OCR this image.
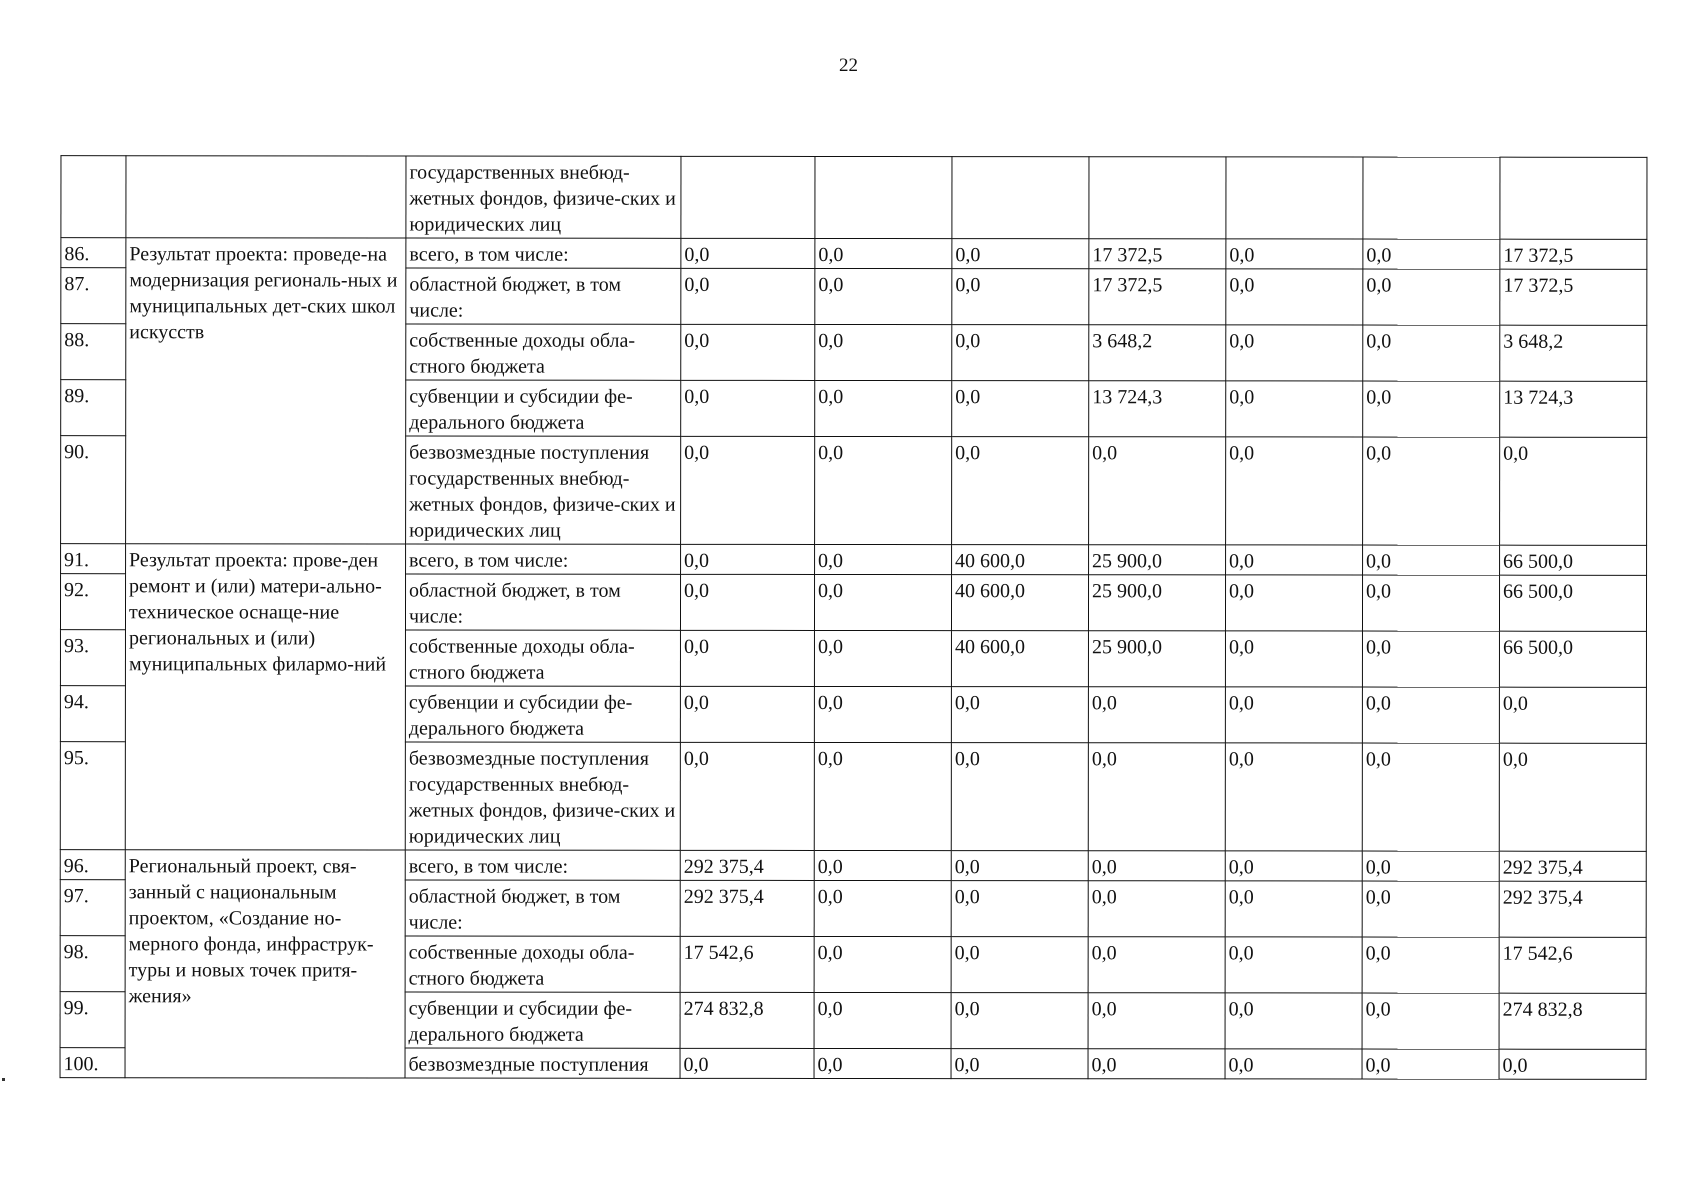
22
		государственных внебюд-жетных фондов, физиче-ских и юридических лиц							
86.	Результат проекта: проведе-на модернизация региональ-ных и муниципальных дет-ских школ искусств	всего, в том числе:	0,0	0,0	0,0	17 372,5	0,0	0,0	17 372,5
87.		областной бюджет, в том числе:	0,0	0,0	0,0	17 372,5	0,0	0,0	17 372,5
88.		собственные доходы обла-стного бюджета	0,0	0,0	0,0	3 648,2	0,0	0,0	3 648,2
89.		субвенции и субсидии фе-дерального бюджета	0,0	0,0	0,0	13 724,3	0,0	0,0	13 724,3
90.		безвозмездные поступления государственных внебюд-жетных фондов, физиче-ских и юридических лиц	0,0	0,0	0,0	0,0	0,0	0,0	0,0
91.	Результат проекта: прове-ден ремонт и (или) матери-ально-техническое оснаще-ние региональных и (или) муниципальных филармо-ний	всего, в том числе:	0,0	0,0	40 600,0	25 900,0	0,0	0,0	66 500,0
92.		областной бюджет, в том числе:	0,0	0,0	40 600,0	25 900,0	0,0	0,0	66 500,0
93.		собственные доходы обла-стного бюджета	0,0	0,0	40 600,0	25 900,0	0,0	0,0	66 500,0
94.		субвенции и субсидии фе-дерального бюджета	0,0	0,0	0,0	0,0	0,0	0,0	0,0
95.		безвозмездные поступления государственных внебюд-жетных фондов, физиче-ских и юридических лиц	0,0	0,0	0,0	0,0	0,0	0,0	0,0
96.	Региональный проект, свя-занный с национальным проектом, «Создание но-мерного фонда, инфраструк-туры и новых точек притя-жения»	всего, в том числе:	292 375,4	0,0	0,0	0,0	0,0	0,0	292 375,4
97.		областной бюджет, в том числе:	292 375,4	0,0	0,0	0,0	0,0	0,0	292 375,4
98.		собственные доходы обла-стного бюджета	17 542,6	0,0	0,0	0,0	0,0	0,0	17 542,6
99.		субвенции и субсидии фе-дерального бюджета	274 832,8	0,0	0,0	0,0	0,0	0,0	274 832,8
100.		безвозмездные поступления	0,0	0,0	0,0	0,0	0,0	0,0	0,0
